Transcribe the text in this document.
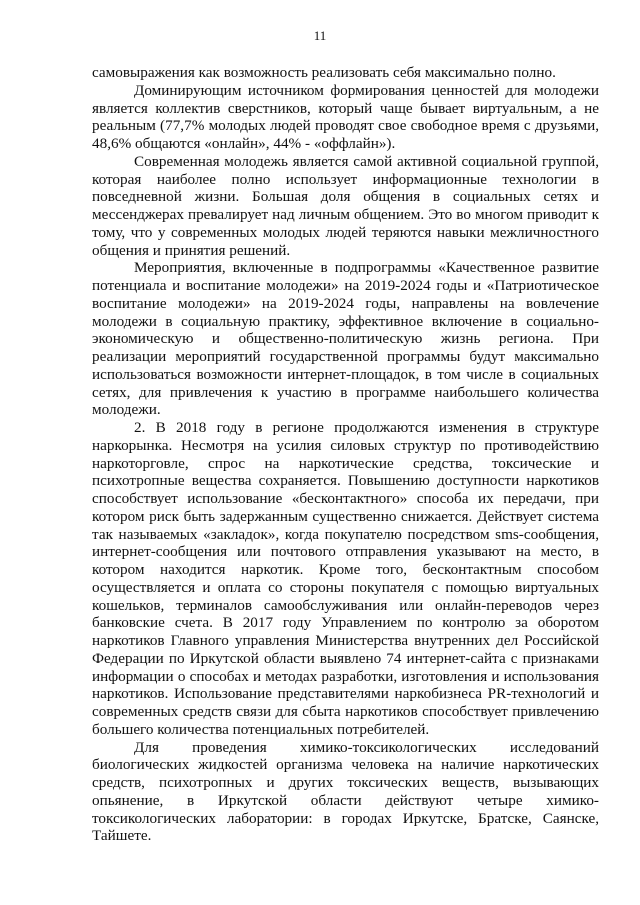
11

самовыражения как возможность реализовать себя максимально полно.

Доминирующим источником формирования ценностей для молодежи является коллектив сверстников, который чаще бывает виртуальным, а не реальным (77,7% молодых людей проводят свое свободное время с друзьями, 48,6% общаются «онлайн», 44% - «оффлайн»).

Современная молодежь является самой активной социальной группой, которая наиболее полно использует информационные технологии в повседневной жизни. Большая доля общения в социальных сетях и мессенджерах превалирует над личным общением. Это во многом приводит к тому, что у современных молодых людей теряются навыки межличностного общения и принятия решений.

Мероприятия, включенные в подпрограммы «Качественное развитие потенциала и воспитание молодежи» на 2019-2024 годы и «Патриотическое воспитание молодежи» на 2019-2024 годы, направлены на вовлечение молодежи в социальную практику, эффективное включение в социально-экономическую и общественно-политическую жизнь региона. При реализации мероприятий государственной программы будут максимально использоваться возможности интернет-площадок, в том числе в социальных сетях, для привлечения к участию в программе наибольшего количества молодежи.

2. В 2018 году в регионе продолжаются изменения в структуре наркорынка. Несмотря на усилия силовых структур по противодействию наркоторговле, спрос на наркотические средства, токсические и психотропные вещества сохраняется. Повышению доступности наркотиков способствует использование «бесконтактного» способа их передачи, при котором риск быть задержанным существенно снижается. Действует система так называемых «закладок», когда покупателю посредством sms-сообщения, интернет-сообщения или почтового отправления указывают на место, в котором находится наркотик. Кроме того, бесконтактным способом осуществляется и оплата со стороны покупателя с помощью виртуальных кошельков, терминалов самообслуживания или онлайн-переводов через банковские счета. В 2017 году Управлением по контролю за оборотом наркотиков Главного управления Министерства внутренних дел Российской Федерации по Иркутской области выявлено 74 интернет-сайта с признаками информации о способах и методах разработки, изготовления и использования наркотиков. Использование представителями наркобизнеса PR-технологий и современных средств связи для сбыта наркотиков способствует привлечению большего количества потенциальных потребителей.

Для проведения химико-токсикологических исследований биологических жидкостей организма человека на наличие наркотических средств, психотропных и других токсических веществ, вызывающих опьянение, в Иркутской области действуют четыре химико-токсикологических лаборатории: в городах Иркутске, Братске, Саянске, Тайшете.
